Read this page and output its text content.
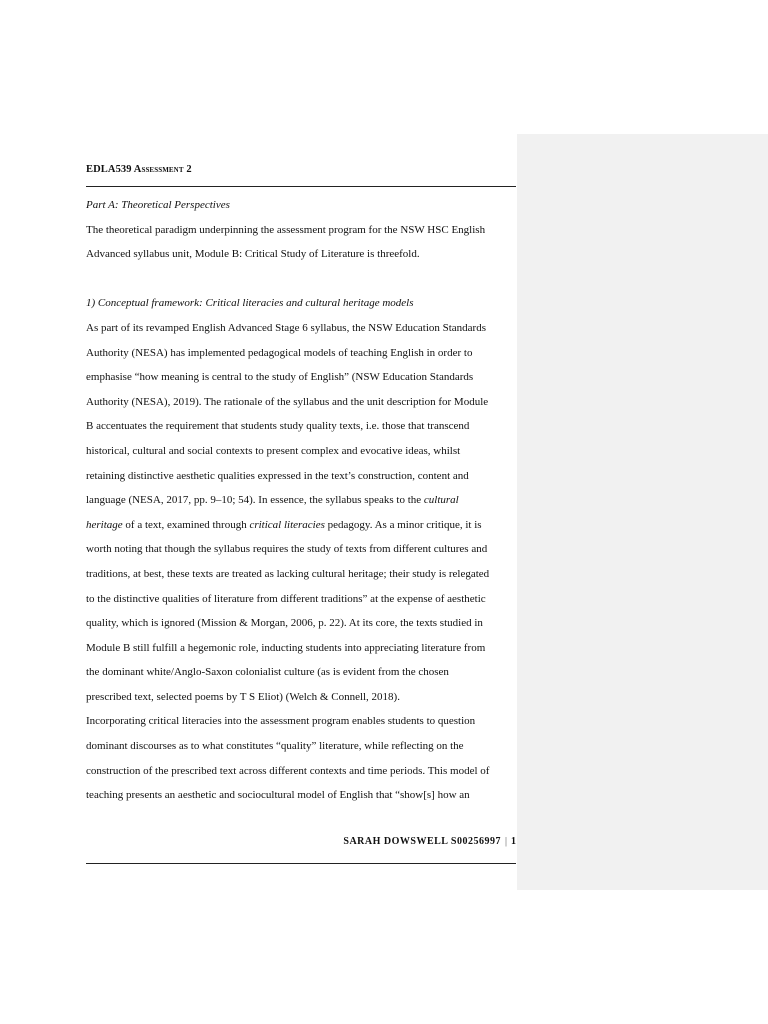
EDLA539 Assessment 2
Part A: Theoretical Perspectives
The theoretical paradigm underpinning the assessment program for the NSW HSC English
Advanced syllabus unit, Module B: Critical Study of Literature is threefold.
1) Conceptual framework: Critical literacies and cultural heritage models
As part of its revamped English Advanced Stage 6 syllabus, the NSW Education Standards
Authority (NESA) has implemented pedagogical models of teaching English in order to
emphasise “how meaning is central to the study of English” (NSW Education Standards
Authority (NESA), 2019). The rationale of the syllabus and the unit description for Module
B accentuates the requirement that students study quality texts, i.e. those that transcend
historical, cultural and social contexts to present complex and evocative ideas, whilst
retaining distinctive aesthetic qualities expressed in the text’s construction, content and
language (NESA, 2017, pp. 9–10; 54). In essence, the syllabus speaks to the cultural
heritage of a text, examined through critical literacies pedagogy. As a minor critique, it is
worth noting that though the syllabus requires the study of texts from different cultures and
traditions, at best, these texts are treated as lacking cultural heritage; their study is relegated
to the distinctive qualities of literature from different traditions” at the expense of aesthetic
quality, which is ignored (Mission & Morgan, 2006, p. 22). At its core, the texts studied in
Module B still fulfill a hegemonic role, inducting students into appreciating literature from
the dominant white/Anglo-Saxon colonialist culture (as is evident from the chosen
prescribed text, selected poems by T S Eliot) (Welch & Connell, 2018).
Incorporating critical literacies into the assessment program enables students to question
dominant discourses as to what constitutes “quality” literature, while reflecting on the
construction of the prescribed text across different contexts and time periods. This model of
teaching presents an aesthetic and sociocultural model of English that “show[s] how an
SARAH DOWSWELL S00256997 | 1
